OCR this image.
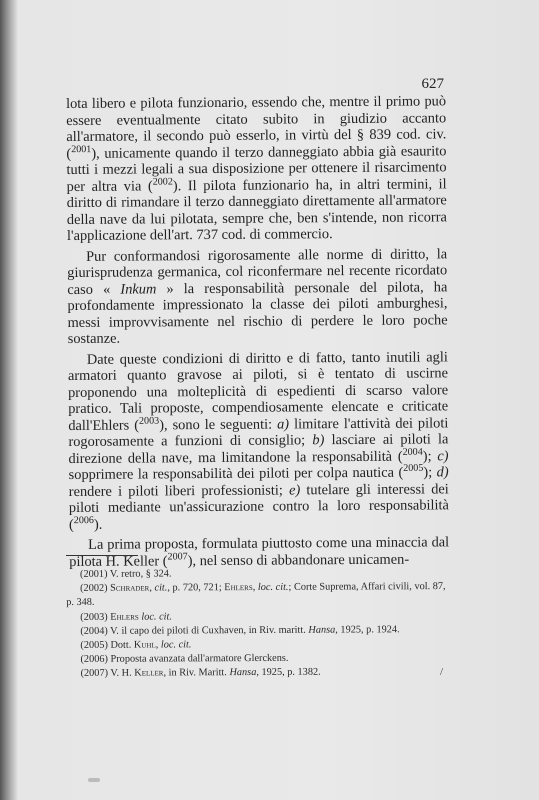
627

lota libero e pilota funzionario, essendo che, mentre il primo può essere eventualmente citato subito in giudizio accanto all'armatore, il secondo può esserlo, in virtù del § 839 cod. civ. ($^{2001}$), unicamente quando il terzo danneggiato abbia già esaurito tutti i mezzi legali a sua disposizione per ottenere il risarcimento per altra via ($^{2002}$). Il pilota funzionario ha, in altri termini, il diritto di rimandare il terzo danneggiato direttamente all'armatore della nave da lui pilotata, sempre che, ben s'intende, non ricorra l'applicazione dell'art. 737 cod. di commercio.

Pur conformandosi rigorosamente alle norme di diritto, la giurisprudenza germanica, col riconfermare nel recente ricordato caso « Inkum » la responsabilità personale del pilota, ha profondamente impressionato la classe dei piloti amburghesi, messi improvvisamente nel rischio di perdere le loro poche sostanze.

Date queste condizioni di diritto e di fatto, tanto inutili agli armatori quanto gravose ai piloti, si è tentato di uscirne proponendo una molteplicità di espedienti di scarso valore pratico. Tali proposte, compendiosamente elencate e criticate dall'Ehlers ($^{2003}$), sono le seguenti: a) limitare l'attività dei piloti rogorosamente a funzioni di consiglio; b) lasciare ai piloti la direzione della nave, ma limitandone la responsabilità ($^{2004}$); c) sopprimere la responsabilità dei piloti per colpa nautica ($^{2005}$); d) rendere i piloti liberi professionisti; e) tutelare gli interessi dei piloti mediante un'assicurazione contro la loro responsabilità ($^{2006}$).

La prima proposta, formulata piuttosto come una minaccia dal pilota H. Keller ($^{2007}$), nel senso di abbandonare unicamen-

(2001) V. retro, § 324.
(2002) Schrader, cit., p. 720, 721; Ehlers, loc. cit.; Corte Suprema, Affari civili, vol. 87, p. 348.
(2003) Ehlers loc. cit.
(2004) V. il capo dei piloti di Cuxhaven, in Riv. maritt. Hansa, 1925, p. 1924.
(2005) Dott. Kuhl, loc. cit.
(2006) Proposta avanzata dall'armatore Glerckens.
(2007) V. H. Keller, in Riv. Maritt. Hansa, 1925, p. 1382.	/
